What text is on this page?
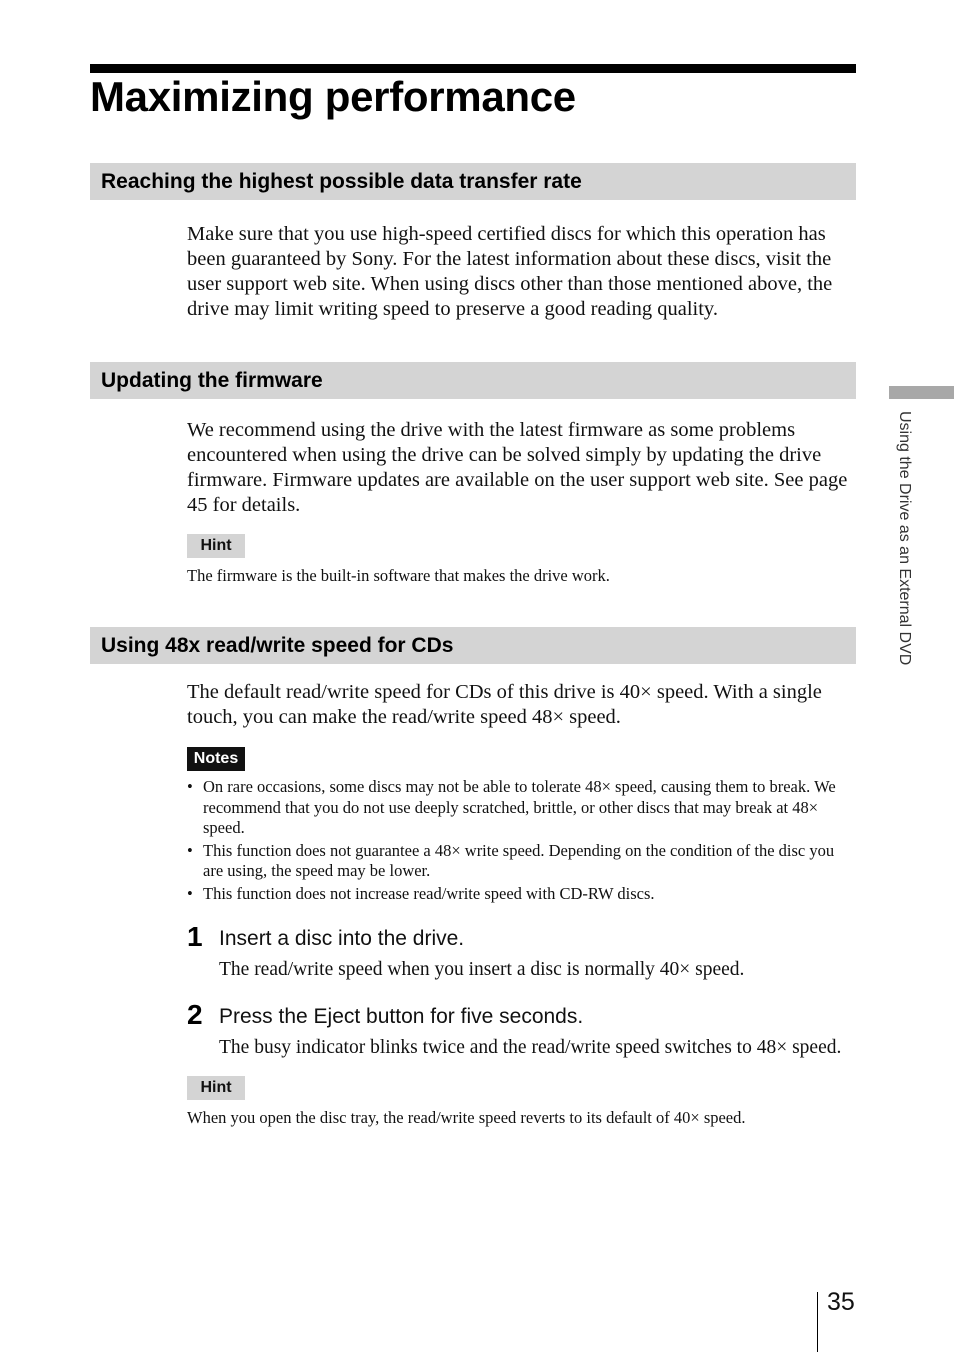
Maximizing performance
Reaching the highest possible data transfer rate

Make sure that you use high-speed certified discs for which this operation has been guaranteed by Sony. For the latest information about these discs, visit the user support web site. When using discs other than those mentioned above, the drive may limit writing speed to preserve a good reading quality.

Updating the firmware

We recommend using the drive with the latest firmware as some problems encountered when using the drive can be solved simply by updating the drive firmware. Firmware updates are available on the user support web site. See page 45 for details.

Hint

The firmware is the built-in software that makes the drive work.

Using 48x read/write speed for CDs

The default read/write speed for CDs of this drive is 40× speed. With a single touch, you can make the read/write speed 48× speed.

Notes
• On rare occasions, some discs may not be able to tolerate 48× speed, causing them to break. We recommend that you do not use deeply scratched, brittle, or other discs that may break at 48× speed.
• This function does not guarantee a 48× write speed. Depending on the condition of the disc you are using, the speed may be lower.
• This function does not increase read/write speed with CD-RW discs.
1 Insert a disc into the drive.

The read/write speed when you insert a disc is normally 40× speed.

2 Press the Eject button for five seconds.

The busy indicator blinks twice and the read/write speed switches to 48× speed.

Hint

When you open the disc tray, the read/write speed reverts to its default of 40× speed.

Using the Drive as an External DVD
35
